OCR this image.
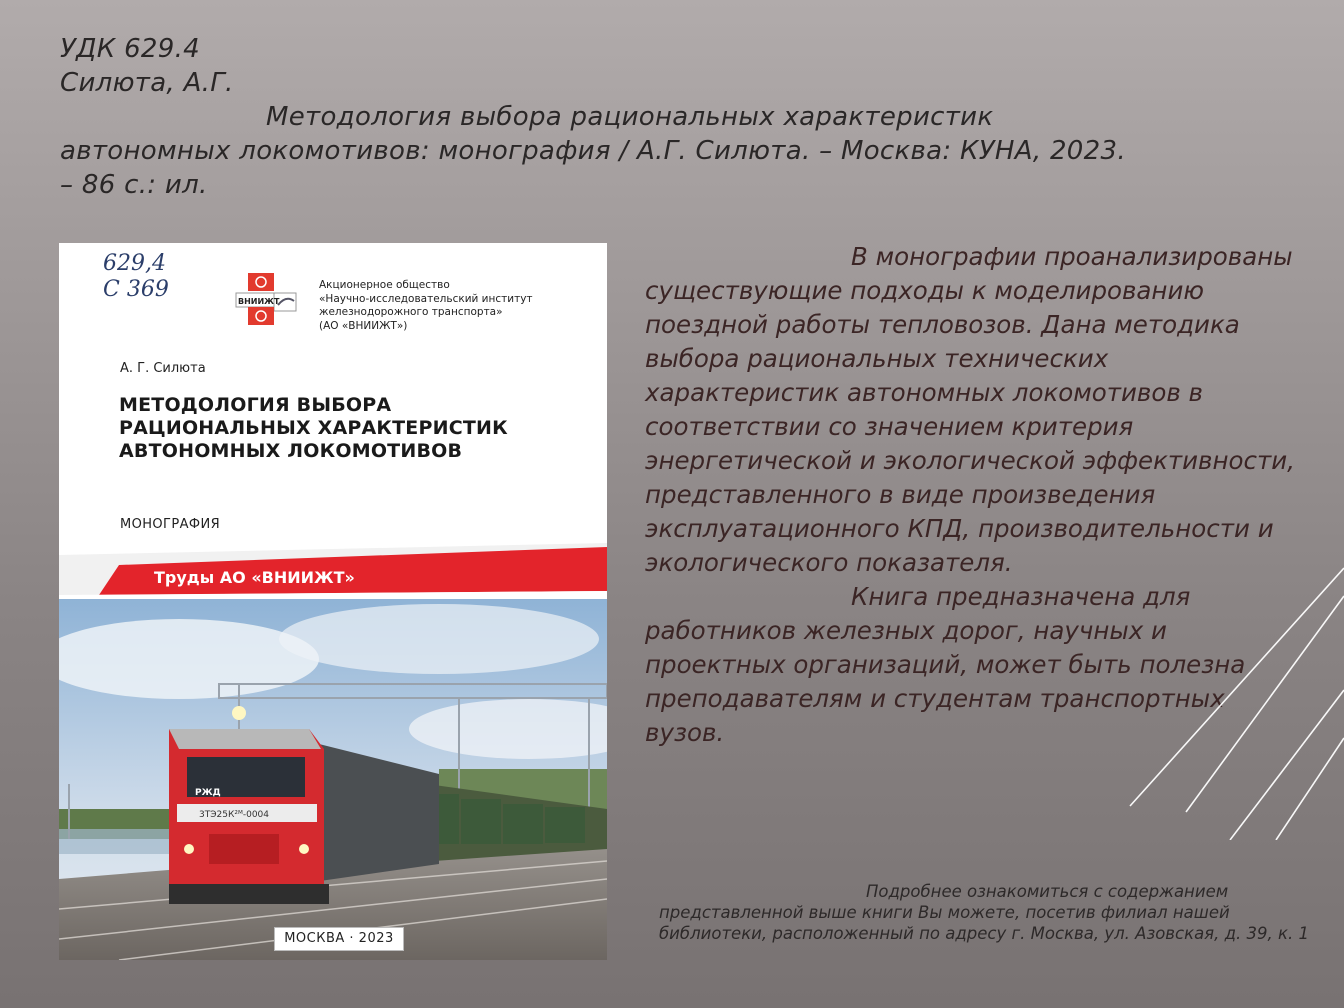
УДК 629.4
Силюта, А.Г.
Методология выбора рациональных характеристик
автономных локомотивов: монография / А.Г. Силюта. – Москва: КУНА, 2023.
– 86 с.: ил.
629,4
С 369	ВНИИЖТ
Акционерное общество
«Научно-исследовательский институт
железнодорожного транспорта»
(АО «ВНИИЖТ»)
А. Г. Силюта
МЕТОДОЛОГИЯ ВЫБОРА
РАЦИОНАЛЬНЫХ ХАРАКТЕРИСТИК
АВТОНОМНЫХ ЛОКОМОТИВОВ
МОНОГРАФИЯ
Труды АО «ВНИИЖТ»
3ТЭ25К²ᴹ-0004
РЖД
МОСКВА · 2023

В монографии проанализированы существующие подходы к моделированию поездной работы тепловозов. Дана методика выбора рациональных технических характеристик автономных локомотивов в соответствии со значением критерия энергетической и экологической эффективности, представленного в виде произведения эксплуатационного КПД, производительности и экологического показателя.

Книга предназначена для работников железных дорог, научных и проектных организаций, может быть полезна преподавателям и студентам транспортных вузов.

Подробнее ознакомиться с содержанием представленной выше книги Вы можете, посетив филиал нашей библиотеки, расположенный по адресу г. Москва, ул. Азовская, д. 39, к. 1
